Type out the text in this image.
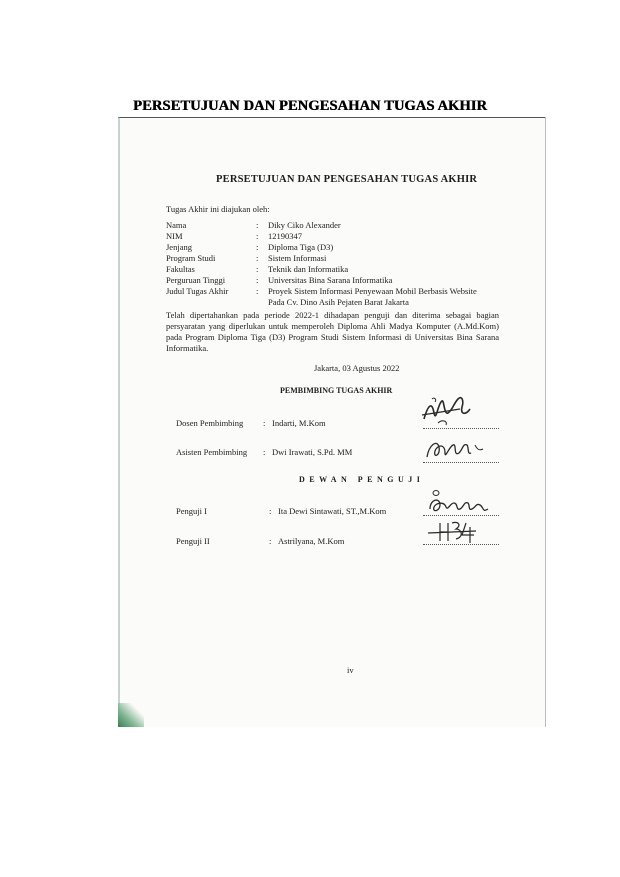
PERSETUJUAN DAN PENGESAHAN TUGAS AKHIR
PERSETUJUAN DAN PENGESAHAN TUGAS AKHIR
Tugas Akhir ini diajukan oleh:
Nama	:	Diky Ciko Alexander
NIM	:	12190347
Jenjang	:	Diploma Tiga (D3)
Program Studi	:	Sistem Informasi
Fakultas	:	Teknik dan Informatika
Perguruan Tinggi	:	Universitas Bina Sarana Informatika
Judul Tugas Akhir	:	Proyek Sistem Informasi Penyewaan Mobil Berbasis Website
Pada Cv. Dino Asih Pejaten Barat Jakarta
Telah dipertahankan pada periode 2022-1 dihadapan penguji dan diterima sebagai bagian persyaratan yang diperlukan untuk memperoleh Diploma Ahli Madya Komputer (A.Md.Kom) pada Program Diploma Tiga (D3) Program Studi Sistem Informasi di Universitas Bina Sarana Informatika.
Jakarta, 03 Agustus 2022
PEMBIMBING TUGAS AKHIR
Dosen Pembimbing : Indarti, M.Kom
Asisten Pembimbing : Dwi Irawati, S.Pd. MM
DEWAN PENGUJI
Penguji I	: Ita Dewi Sintawati, ST.,M.Kom
Penguji II	: Astrilyana, M.Kom
iv
